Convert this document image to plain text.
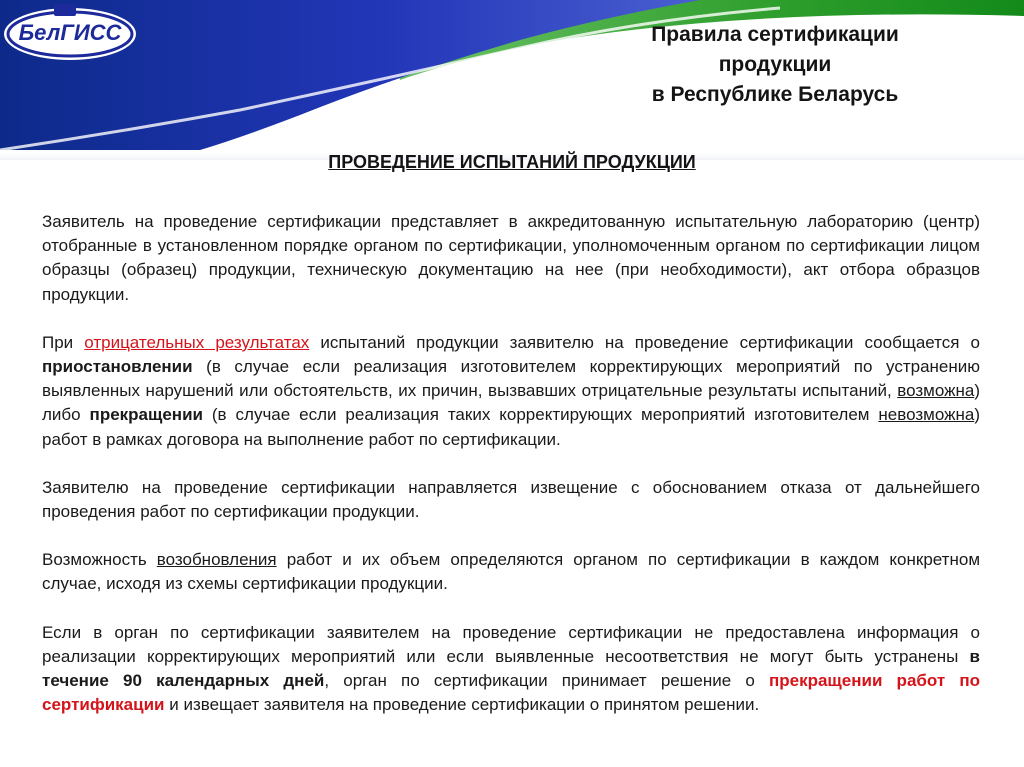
БелГИСС	Правила сертификации
продукции
в Республике Беларусь
ПРОВЕДЕНИЕ ИСПЫТАНИЙ ПРОДУКЦИИ

Заявитель на проведение сертификации представляет в аккредитованную испытательную лабораторию (центр) отобранные в установленном порядке органом по сертификации, уполномоченным органом по сертификации лицом образцы (образец) продукции, техническую документацию на нее (при необходимости), акт отбора образцов продукции.

При отрицательных результатах испытаний продукции заявителю на проведение сертификации сообщается о приостановлении (в случае если реализация изготовителем корректирующих мероприятий по устранению выявленных нарушений или обстоятельств, их причин, вызвавших отрицательные результаты испытаний, возможна) либо прекращении (в случае если реализация таких корректирующих мероприятий изготовителем невозможна) работ в рамках договора на выполнение работ по сертификации.

Заявителю на проведение сертификации направляется извещение с обоснованием отказа от дальнейшего проведения работ по сертификации продукции.

Возможность возобновления работ и их объем определяются органом по сертификации в каждом конкретном случае, исходя из схемы сертификации продукции.

Если в орган по сертификации заявителем на проведение сертификации не предоставлена информация о реализации корректирующих мероприятий или если выявленные несоответствия не могут быть устранены в течение 90 календарных дней, орган по сертификации принимает решение о прекращении работ по сертификации и извещает заявителя на проведение сертификации о принятом решении.
